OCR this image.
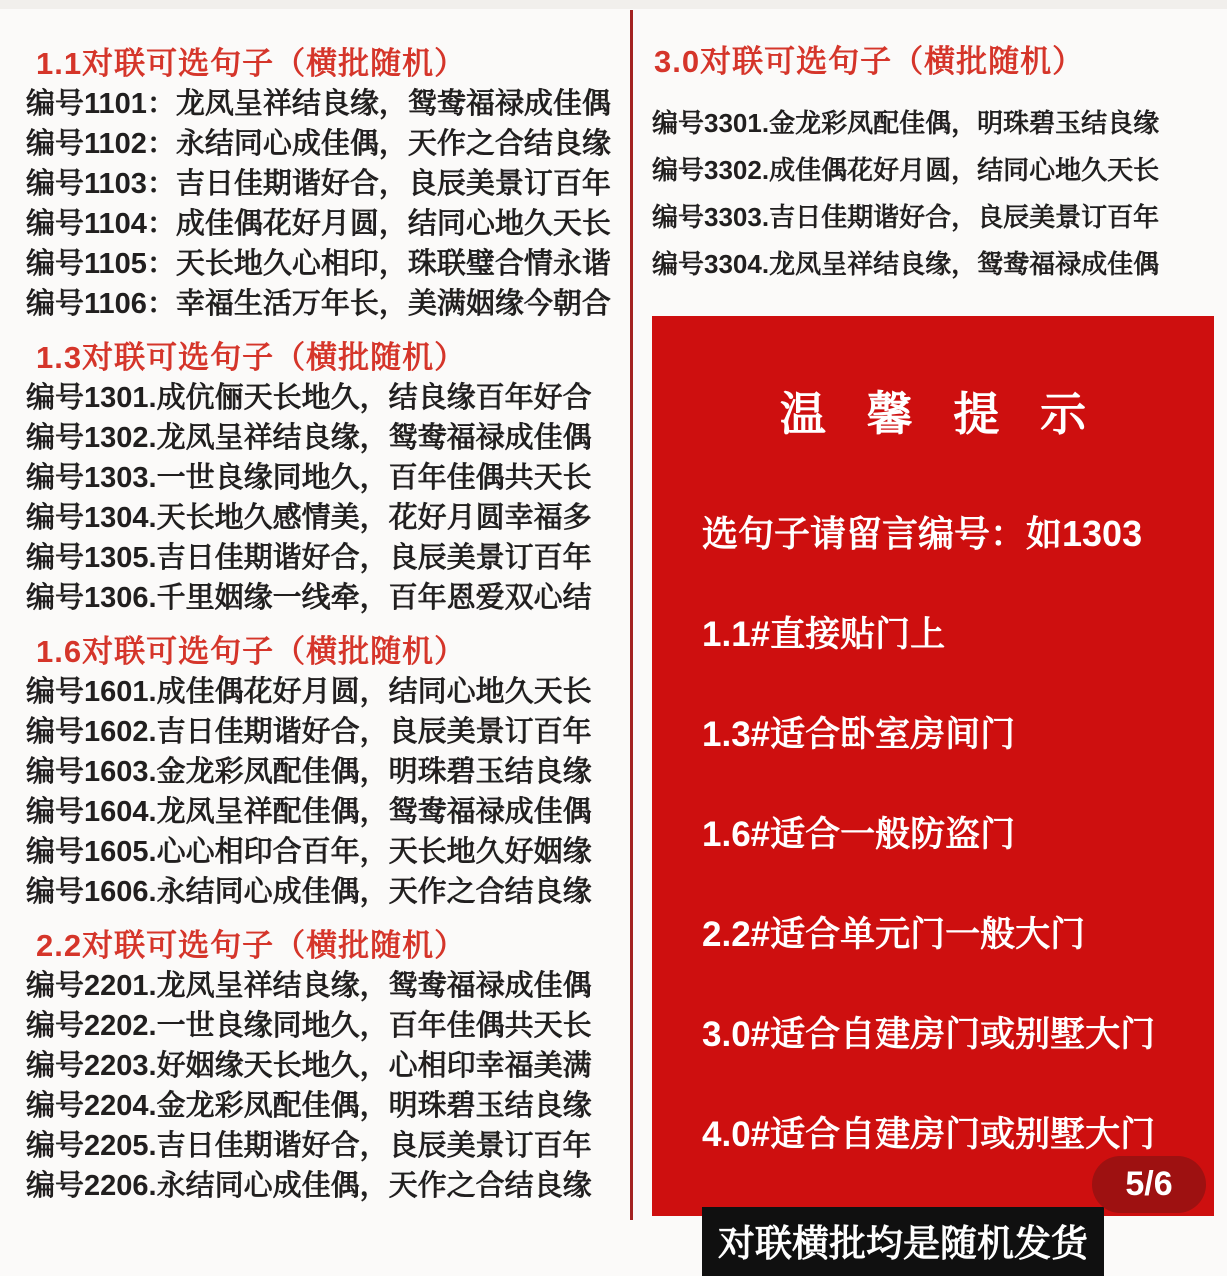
1.1对联可选句子（横批随机）
编号1101：龙凤呈祥结良缘，鸳鸯福禄成佳偶
编号1102：永结同心成佳偶，天作之合结良缘
编号1103：吉日佳期谐好合，良辰美景订百年
编号1104：成佳偶花好月圆，结同心地久天长
编号1105：天长地久心相印，珠联璧合情永谐
编号1106：幸福生活万年长，美满姻缘今朝合
1.3对联可选句子（横批随机）
编号1301.成伉俪天长地久，结良缘百年好合
编号1302.龙凤呈祥结良缘，鸳鸯福禄成佳偶
编号1303.一世良缘同地久，百年佳偶共天长
编号1304.天长地久感情美，花好月圆幸福多
编号1305.吉日佳期谐好合，良辰美景订百年
编号1306.千里姻缘一线牵，百年恩爱双心结
1.6对联可选句子（横批随机）
编号1601.成佳偶花好月圆，结同心地久天长
编号1602.吉日佳期谐好合，良辰美景订百年
编号1603.金龙彩凤配佳偶，明珠碧玉结良缘
编号1604.龙凤呈祥配佳偶，鸳鸯福禄成佳偶
编号1605.心心相印合百年，天长地久好姻缘
编号1606.永结同心成佳偶，天作之合结良缘
2.2对联可选句子（横批随机）
编号2201.龙凤呈祥结良缘，鸳鸯福禄成佳偶
编号2202.一世良缘同地久，百年佳偶共天长
编号2203.好姻缘天长地久，心相印幸福美满
编号2204.金龙彩凤配佳偶，明珠碧玉结良缘
编号2205.吉日佳期谐好合，良辰美景订百年
编号2206.永结同心成佳偶，天作之合结良缘
3.0对联可选句子（横批随机）
编号3301.金龙彩凤配佳偶，明珠碧玉结良缘
编号3302.成佳偶花好月圆，结同心地久天长
编号3303.吉日佳期谐好合，良辰美景订百年
编号3304.龙凤呈祥结良缘，鸳鸯福禄成佳偶
温 馨 提 示
选句子请留言编号：如1303
1.1#直接贴门上
1.3#适合卧室房间门
1.6#适合一般防盗门
2.2#适合单元门一般大门
3.0#适合自建房门或别墅大门
4.0#适合自建房门或别墅大门
对联横批均是随机发货
5/6
